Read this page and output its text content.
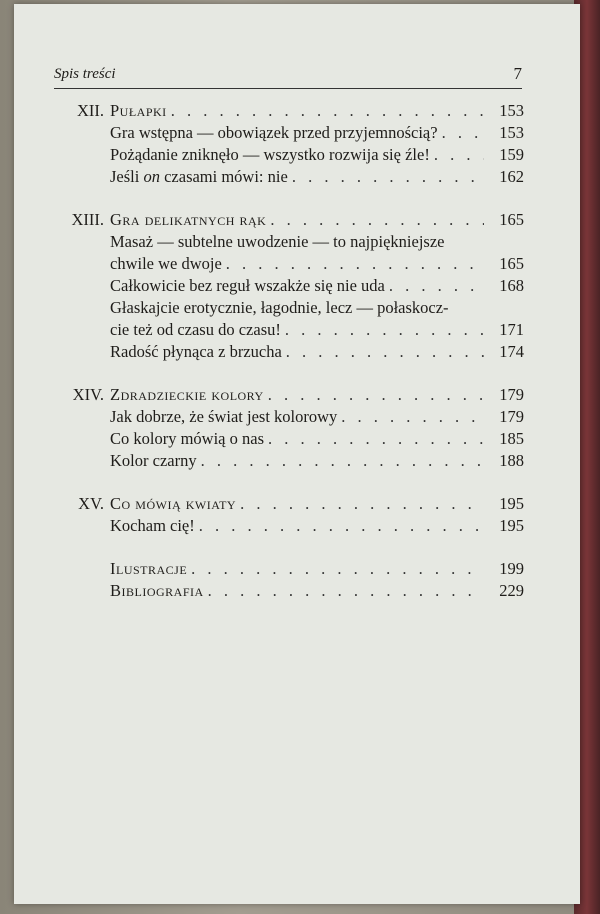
Spis treści	7
XII. Pułapki . . .	153
Gra wstępna — obowiązek przed przyjemnością? . . .	153
Pożądanie zniknęło — wszystko rozwija się źle! . . .	159
Jeśli on czasami mówi: nie . . .	162
XIII. Gra delikatnych rąk . . .	165
Masaż — subtelne uwodzenie — to najpiękniejsze
chwile we dwoje . . .	165
Całkowicie bez reguł wszakże się nie uda . . .	168
Głaskajcie erotycznie, łagodnie, lecz — połaskocz-
cie też od czasu do czasu! . . .	171
Radość płynąca z brzucha . . .	174
XIV. Zdradzieckie kolory . . .	179
Jak dobrze, że świat jest kolorowy . . .	179
Co kolory mówią o nas . . .	185
Kolor czarny . . .	188
XV. Co mówią kwiaty . . .	195
Kocham cię! . . .	195
Ilustracje . . .	199
Bibliografia . . .	229
